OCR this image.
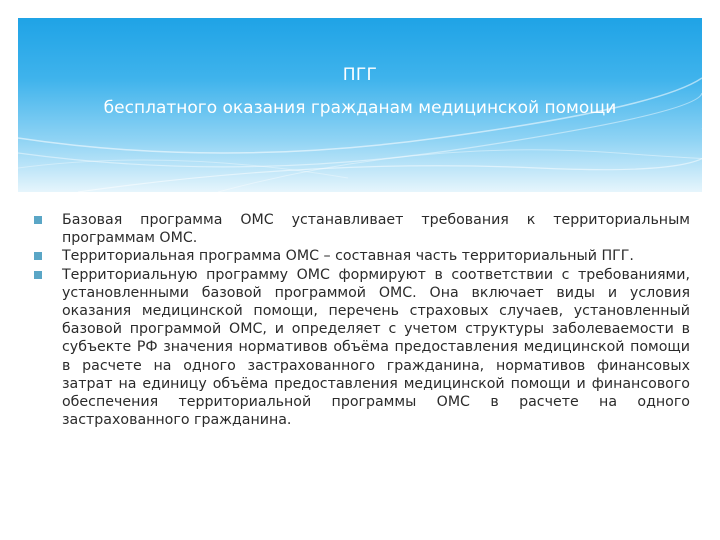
ПГГ
бесплатного оказания гражданам медицинской помощи
Базовая программа ОМС устанавливает требования к территориальным программам ОМС.
Территориальная программа ОМС – составная часть территориальный ПГГ.
Территориальную программу ОМС формируют в соответствии с требованиями, установленными базовой программой ОМС. Она включает виды и условия оказания медицинской помощи, перечень страховых случаев, установленный базовой программой ОМС, и определяет с учетом структуры заболеваемости в субъекте РФ значения нормативов объёма предоставления медицинской помощи в расчете на одного застрахованного гражданина, нормативов финансовых затрат на единицу объёма предоставления медицинской помощи и финансового обеспечения территориальной программы ОМС в расчете на одного застрахованного гражданина.
